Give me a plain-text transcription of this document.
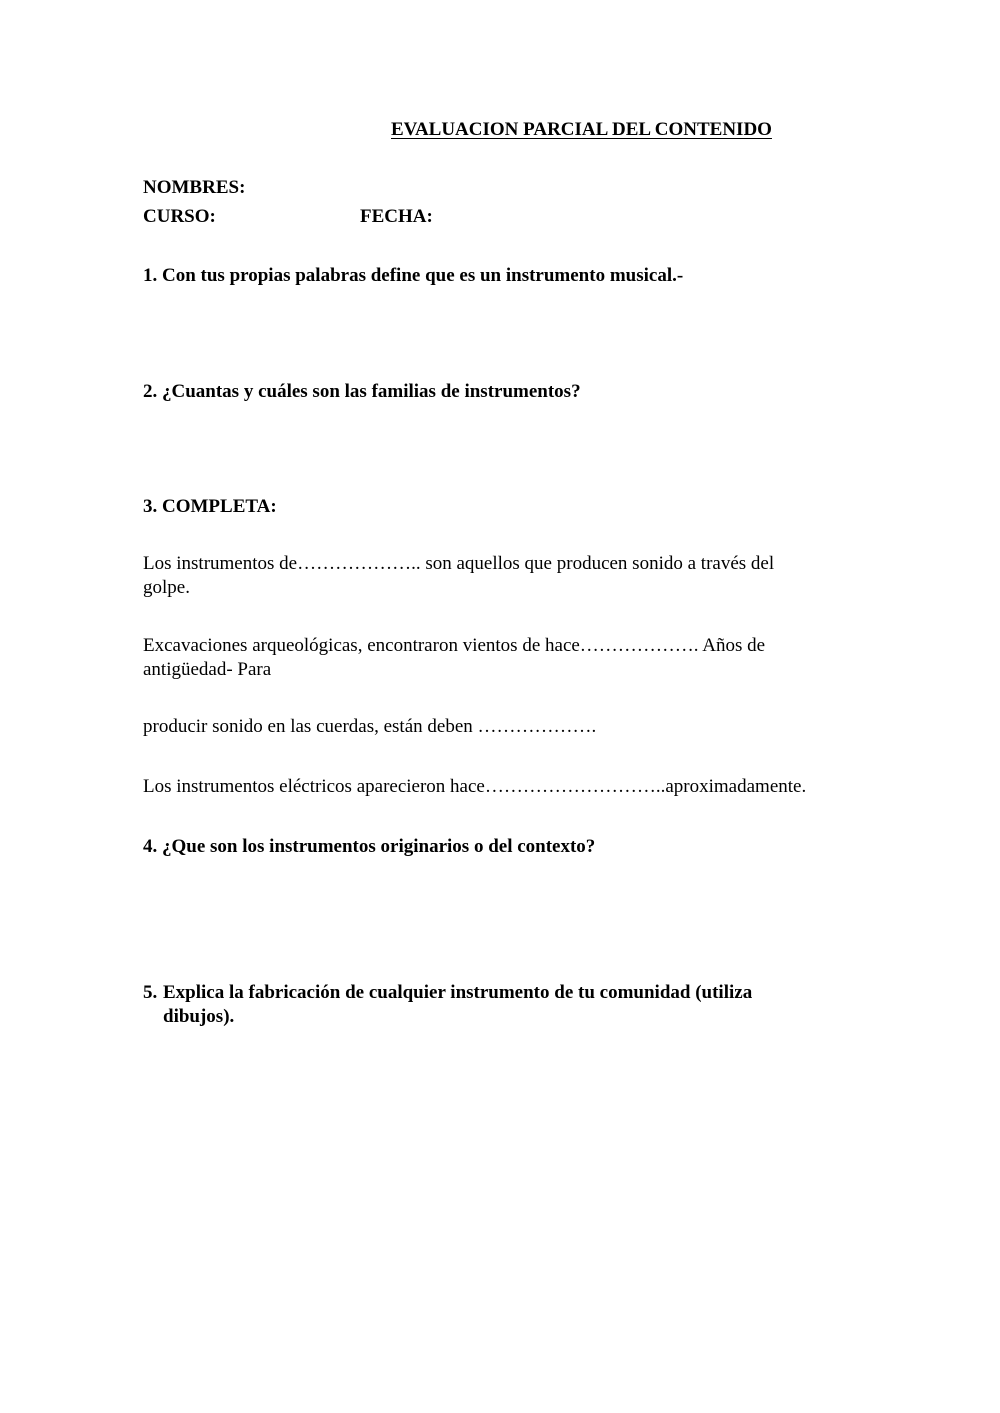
EVALUACION PARCIAL DEL CONTENIDO
NOMBRES:
CURSO:	FECHA:
1. Con tus propias palabras define que es un instrumento musical.-
2. ¿Cuantas y cuáles son las familias de instrumentos?
3. COMPLETA:
Los instrumentos de……………….. son aquellos que producen sonido a través del
golpe.
Excavaciones arqueológicas, encontraron vientos de hace………………. Años de
antigüedad- Para
producir sonido en las cuerdas, están deben ……………….
Los instrumentos eléctricos aparecieron hace………………………..aproximadamente.
4. ¿Que son los instrumentos originarios o del contexto?
5. Explica la fabricación de cualquier instrumento de tu comunidad (utiliza dibujos).
